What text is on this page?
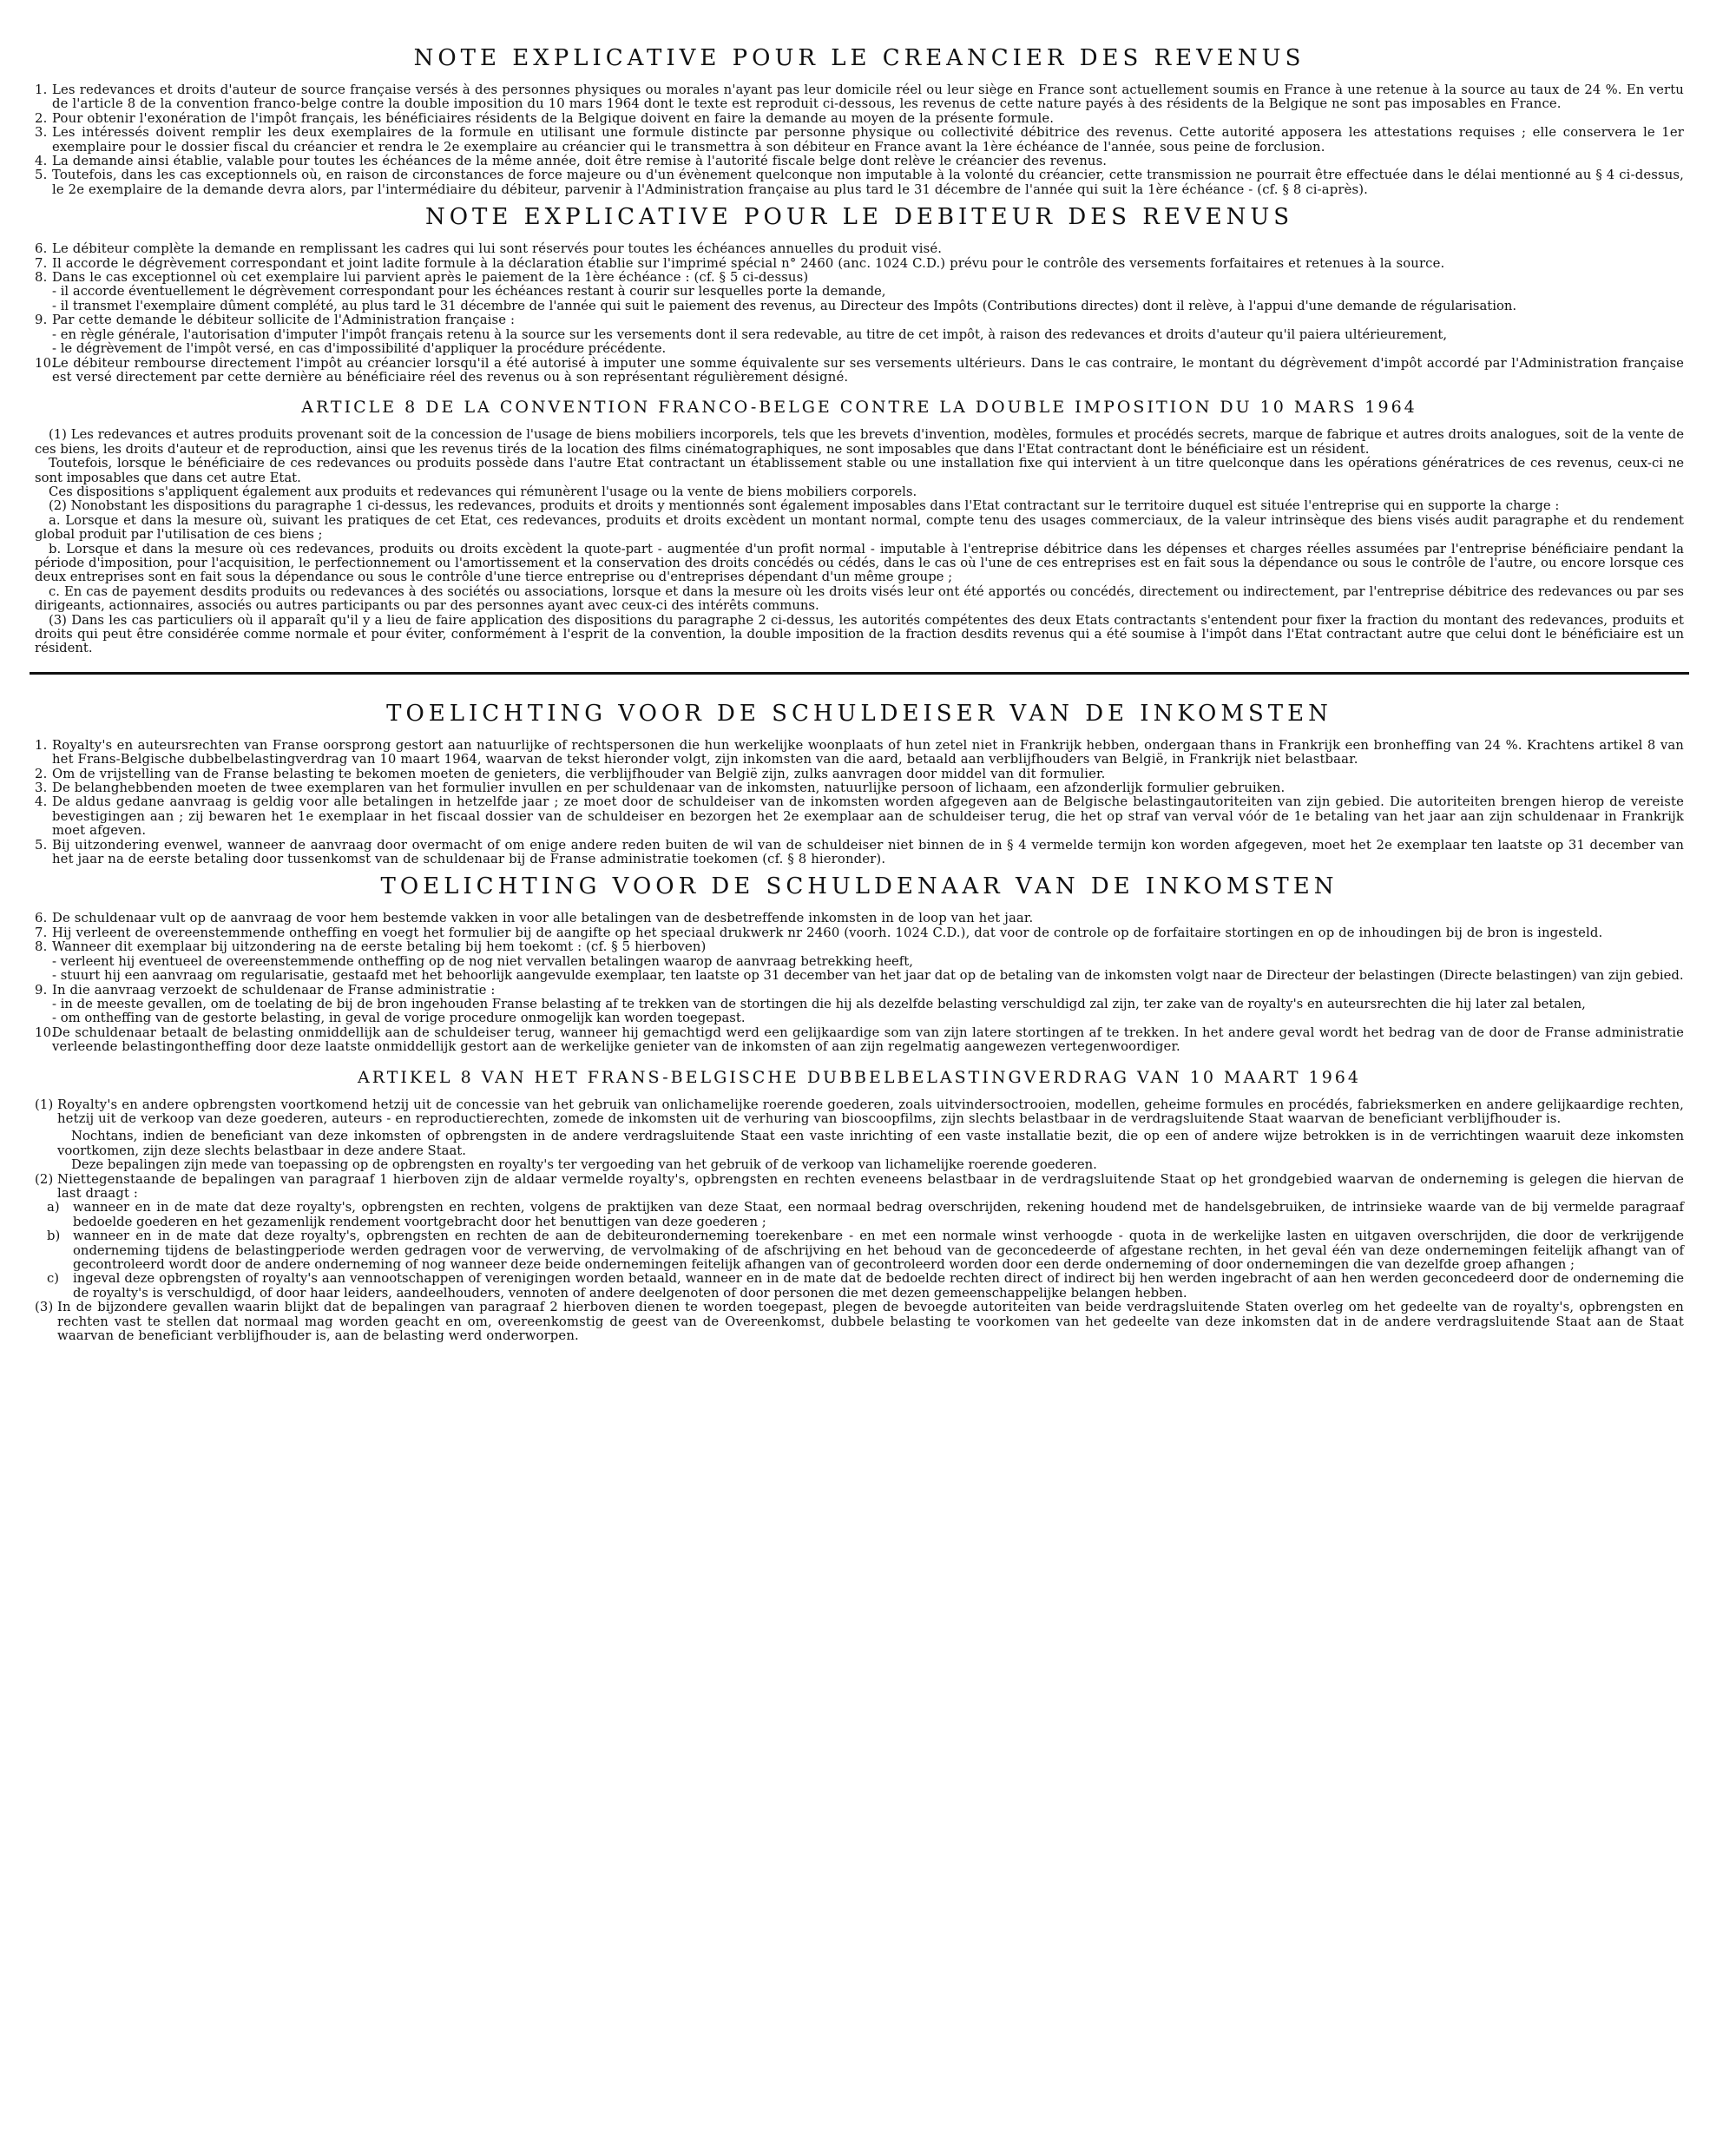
NOTE EXPLICATIVE POUR LE CREANCIER DES REVENUS
1. Les redevances et droits d'auteur de source française versés à des personnes physiques ou morales n'ayant pas leur domicile réel ou leur siège en France sont actuellement soumis en France à une retenue à la source au taux de 24 %. En vertu de l'article 8 de la convention franco-belge contre la double imposition du 10 mars 1964 dont le texte est reproduit ci-dessous, les revenus de cette nature payés à des résidents de la Belgique ne sont pas imposables en France.
2. Pour obtenir l'exonération de l'impôt français, les bénéficiaires résidents de la Belgique doivent en faire la demande au moyen de la présente formule.
3. Les intéressés doivent remplir les deux exemplaires de la formule en utilisant une formule distincte par personne physique ou collectivité débitrice des revenus. Cette autorité apposera les attestations requises ; elle conservera le 1er exemplaire pour le dossier fiscal du créancier et rendra le 2e exemplaire au créancier qui le transmettra à son débiteur en France avant la 1ère échéance de l'année, sous peine de forclusion.
4. La demande ainsi établie, valable pour toutes les échéances de la même année, doit être remise à l'autorité fiscale belge dont relève le créancier des revenus.
5. Toutefois, dans les cas exceptionnels où, en raison de circonstances de force majeure ou d'un évènement quelconque non imputable à la volonté du créancier, cette transmission ne pourrait être effectuée dans le délai mentionné au § 4 ci-dessus, le 2e exemplaire de la demande devra alors, par l'intermédiaire du débiteur, parvenir à l'Administration française au plus tard le 31 décembre de l'année qui suit la 1ère échéance - (cf. § 8 ci-après).
NOTE EXPLICATIVE POUR LE DEBITEUR DES REVENUS
6. Le débiteur complète la demande en remplissant les cadres qui lui sont réservés pour toutes les échéances annuelles du produit visé.
7. Il accorde le dégrèvement correspondant et joint ladite formule à la déclaration établie sur l'imprimé spécial n° 2460 (anc. 1024 C.D.) prévu pour le contrôle des versements forfaitaires et retenues à la source.
8. Dans le cas exceptionnel où cet exemplaire lui parvient après le paiement de la 1ère échéance : (cf. § 5 ci-dessus)
- il accorde éventuellement le dégrèvement correspondant pour les échéances restant à courir sur lesquelles porte la demande,
- il transmet l'exemplaire dûment complété, au plus tard le 31 décembre de l'année qui suit le paiement des revenus, au Directeur des Impôts (Contributions directes) dont il relève, à l'appui d'une demande de régularisation.
9. Par cette demande le débiteur sollicite de l'Administration française :
- en règle générale, l'autorisation d'imputer l'impôt français retenu à la source sur les versements dont il sera redevable, au titre de cet impôt, à raison des redevances et droits d'auteur qu'il paiera ultérieurement,
- le dégrèvement de l'impôt versé, en cas d'impossibilité d'appliquer la procédure précédente.
10.
Le débiteur rembourse directement l'impôt au créancier lorsqu'il a été autorisé à imputer une somme équivalente sur ses versements ultérieurs. Dans le cas contraire, le montant du dégrèvement d'impôt accordé par l'Administration française est versé directement par cette dernière au bénéficiaire réel des revenus ou à son représentant régulièrement désigné.
ARTICLE 8 DE LA CONVENTION FRANCO-BELGE CONTRE LA DOUBLE IMPOSITION DU 10 MARS 1964

(1) Les redevances et autres produits provenant soit de la concession de l'usage de biens mobiliers incorporels, tels que les brevets d'invention, modèles, formules et procédés secrets, marque de fabrique et autres droits analogues, soit de la vente de ces biens, les droits d'auteur et de reproduction, ainsi que les revenus tirés de la location des films cinématographiques, ne sont imposables que dans l'Etat contractant dont le bénéficiaire est un résident.

Toutefois, lorsque le bénéficiaire de ces redevances ou produits possède dans l'autre Etat contractant un établissement stable ou une installation fixe qui intervient à un titre quelconque dans les opérations génératrices de ces revenus, ceux-ci ne sont imposables que dans cet autre Etat.

Ces dispositions s'appliquent également aux produits et redevances qui rémunèrent l'usage ou la vente de biens mobiliers corporels.

(2) Nonobstant les dispositions du paragraphe 1 ci-dessus, les redevances, produits et droits y mentionnés sont également imposables dans l'Etat contractant sur le territoire duquel est située l'entreprise qui en supporte la charge :

a. Lorsque et dans la mesure où, suivant les pratiques de cet Etat, ces redevances, produits et droits excèdent un montant normal, compte tenu des usages commerciaux, de la valeur intrinsèque des biens visés audit paragraphe et du rendement global produit par l'utilisation de ces biens ;

b. Lorsque et dans la mesure où ces redevances, produits ou droits excèdent la quote-part - augmentée d'un profit normal - imputable à l'entreprise débitrice dans les dépenses et charges réelles assumées par l'entreprise bénéficiaire pendant la période d'imposition, pour l'acquisition, le perfectionnement ou l'amortissement et la conservation des droits concédés ou cédés, dans le cas où l'une de ces entreprises est en fait sous la dépendance ou sous le contrôle de l'autre, ou encore lorsque ces deux entreprises sont en fait sous la dépendance ou sous le contrôle d'une tierce entreprise ou d'entreprises dépendant d'un même groupe ;

c. En cas de payement desdits produits ou redevances à des sociétés ou associations, lorsque et dans la mesure où les droits visés leur ont été apportés ou concédés, directement ou indirectement, par l'entreprise débitrice des redevances ou par ses dirigeants, actionnaires, associés ou autres participants ou par des personnes ayant avec ceux-ci des intérêts communs.

(3) Dans les cas particuliers où il apparaît qu'il y a lieu de faire application des dispositions du paragraphe 2 ci-dessus, les autorités compétentes des deux Etats contractants s'entendent pour fixer la fraction du montant des redevances, produits et droits qui peut être considérée comme normale et pour éviter, conformément à l'esprit de la convention, la double imposition de la fraction desdits revenus qui a été soumise à l'impôt dans l'Etat contractant autre que celui dont le bénéficiaire est un résident.

TOELICHTING VOOR DE SCHULDEISER VAN DE INKOMSTEN
1. Royalty's en auteursrechten van Franse oorsprong gestort aan natuurlijke of rechtspersonen die hun werkelijke woonplaats of hun zetel niet in Frankrijk hebben, ondergaan thans in Frankrijk een bronheffing van 24 %. Krachtens artikel 8 van het Frans-Belgische dubbelbelastingverdrag van 10 maart 1964, waarvan de tekst hieronder volgt, zijn inkomsten van die aard, betaald aan verblijfhouders van België, in Frankrijk niet belastbaar.
2. Om de vrijstelling van de Franse belasting te bekomen moeten de genieters, die verblijfhouder van België zijn, zulks aanvragen door middel van dit formulier.
3. De belanghebbenden moeten de twee exemplaren van het formulier invullen en per schuldenaar van de inkomsten, natuurlijke persoon of lichaam, een afzonderlijk formulier gebruiken.
4. De aldus gedane aanvraag is geldig voor alle betalingen in hetzelfde jaar ; ze moet door de schuldeiser van de inkomsten worden afgegeven aan de Belgische belastingautoriteiten van zijn gebied. Die autoriteiten brengen hierop de vereiste bevestigingen aan ; zij bewaren het 1e exemplaar in het fiscaal dossier van de schuldeiser en bezorgen het 2e exemplaar aan de schuldeiser terug, die het op straf van verval vóór de 1e betaling van het jaar aan zijn schuldenaar in Frankrijk moet afgeven.
5. Bij uitzondering evenwel, wanneer de aanvraag door overmacht of om enige andere reden buiten de wil van de schuldeiser niet binnen de in § 4 vermelde termijn kon worden afgegeven, moet het 2e exemplaar ten laatste op 31 december van het jaar na de eerste betaling door tussenkomst van de schuldenaar bij de Franse administratie toekomen (cf. § 8 hieronder).
TOELICHTING VOOR DE SCHULDENAAR VAN DE INKOMSTEN
6. De schuldenaar vult op de aanvraag de voor hem bestemde vakken in voor alle betalingen van de desbetreffende inkomsten in de loop van het jaar.
7. Hij verleent de overeenstemmende ontheffing en voegt het formulier bij de aangifte op het speciaal drukwerk nr 2460 (voorh. 1024 C.D.), dat voor de controle op de forfaitaire stortingen en op de inhoudingen bij de bron is ingesteld.
8. Wanneer dit exemplaar bij uitzondering na de eerste betaling bij hem toekomt : (cf. § 5 hierboven)
- verleent hij eventueel de overeenstemmende ontheffing op de nog niet vervallen betalingen waarop de aanvraag betrekking heeft,
- stuurt hij een aanvraag om regularisatie, gestaafd met het behoorlijk aangevulde exemplaar, ten laatste op 31 december van het jaar dat op de betaling van de inkomsten volgt naar de Directeur der belastingen (Directe belastingen) van zijn gebied.
9. In die aanvraag verzoekt de schuldenaar de Franse administratie :
- in de meeste gevallen, om de toelating de bij de bron ingehouden Franse belasting af te trekken van de stortingen die hij als dezelfde belasting verschuldigd zal zijn, ter zake van de royalty's en auteursrechten die hij later zal betalen,
- om ontheffing van de gestorte belasting, in geval de vorige procedure onmogelijk kan worden toegepast.
10.
De schuldenaar betaalt de belasting onmiddellijk aan de schuldeiser terug, wanneer hij gemachtigd werd een gelijkaardige som van zijn latere stortingen af te trekken. In het andere geval wordt het bedrag van de door de Franse administratie verleende belastingontheffing door deze laatste onmiddellijk gestort aan de werkelijke genieter van de inkomsten of aan zijn regelmatig aangewezen vertegenwoordiger.
ARTIKEL 8 VAN HET FRANS-BELGISCHE DUBBELBELASTINGVERDRAG VAN 10 MAART 1964
(1) Royalty's en andere opbrengsten voortkomend hetzij uit de concessie van het gebruik van onlichamelijke roerende goederen, zoals uitvindersoctrooien, modellen, geheime formules en procédés, fabrieksmerken en andere gelijkaardige rechten, hetzij uit de verkoop van deze goederen, auteurs - en reproductierechten, zomede de inkomsten uit de verhuring van bioscoopfilms, zijn slechts belastbaar in de verdragsluitende Staat waarvan de beneficiant verblijfhouder is.

Nochtans, indien de beneficiant van deze inkomsten of opbrengsten in de andere verdragsluitende Staat een vaste inrichting of een vaste installatie bezit, die op een of andere wijze betrokken is in de verrichtingen waaruit deze inkomsten voortkomen, zijn deze slechts belastbaar in deze andere Staat.

Deze bepalingen zijn mede van toepassing op de opbrengsten en royalty's ter vergoeding van het gebruik of de verkoop van lichamelijke roerende goederen.

(2) Niettegenstaande de bepalingen van paragraaf 1 hierboven zijn de aldaar vermelde royalty's, opbrengsten en rechten eveneens belastbaar in de verdragsluitende Staat op het grondgebied waarvan de onderneming is gelegen die hiervan de last draagt :
a) wanneer en in de mate dat deze royalty's, opbrengsten en rechten, volgens de praktijken van deze Staat, een normaal bedrag overschrijden, rekening houdend met de handelsgebruiken, de intrinsieke waarde van de bij vermelde paragraaf bedoelde goederen en het gezamenlijk rendement voortgebracht door het benuttigen van deze goederen ;
b) wanneer en in de mate dat deze royalty's, opbrengsten en rechten de aan de debiteuronderneming toerekenbare - en met een normale winst verhoogde - quota in de werkelijke lasten en uitgaven overschrijden, die door de verkrijgende onderneming tijdens de belastingperiode werden gedragen voor de verwerving, de vervolmaking of de afschrijving en het behoud van de geconcedeerde of afgestane rechten, in het geval één van deze ondernemingen feitelijk afhangt van of gecontroleerd wordt door de andere onderneming of nog wanneer deze beide ondernemingen feitelijk afhangen van of gecontroleerd worden door een derde onderneming of door ondernemingen die van dezelfde groep afhangen ;
c) ingeval deze opbrengsten of royalty's aan vennootschappen of verenigingen worden betaald, wanneer en in de mate dat de bedoelde rechten direct of indirect bij hen werden ingebracht of aan hen werden geconcedeerd door de onderneming die de royalty's is verschuldigd, of door haar leiders, aandeelhouders, vennoten of andere deelgenoten of door personen die met dezen gemeenschappelijke belangen hebben.
(3) In de bijzondere gevallen waarin blijkt dat de bepalingen van paragraaf 2 hierboven dienen te worden toegepast, plegen de bevoegde autoriteiten van beide verdragsluitende Staten overleg om het gedeelte van de royalty's, opbrengsten en rechten vast te stellen dat normaal mag worden geacht en om, overeenkomstig de geest van de Overeenkomst, dubbele belasting te voorkomen van het gedeelte van deze inkomsten dat in de andere verdragsluitende Staat aan de Staat waarvan de beneficiant verblijfhouder is, aan de belasting werd onderworpen.
